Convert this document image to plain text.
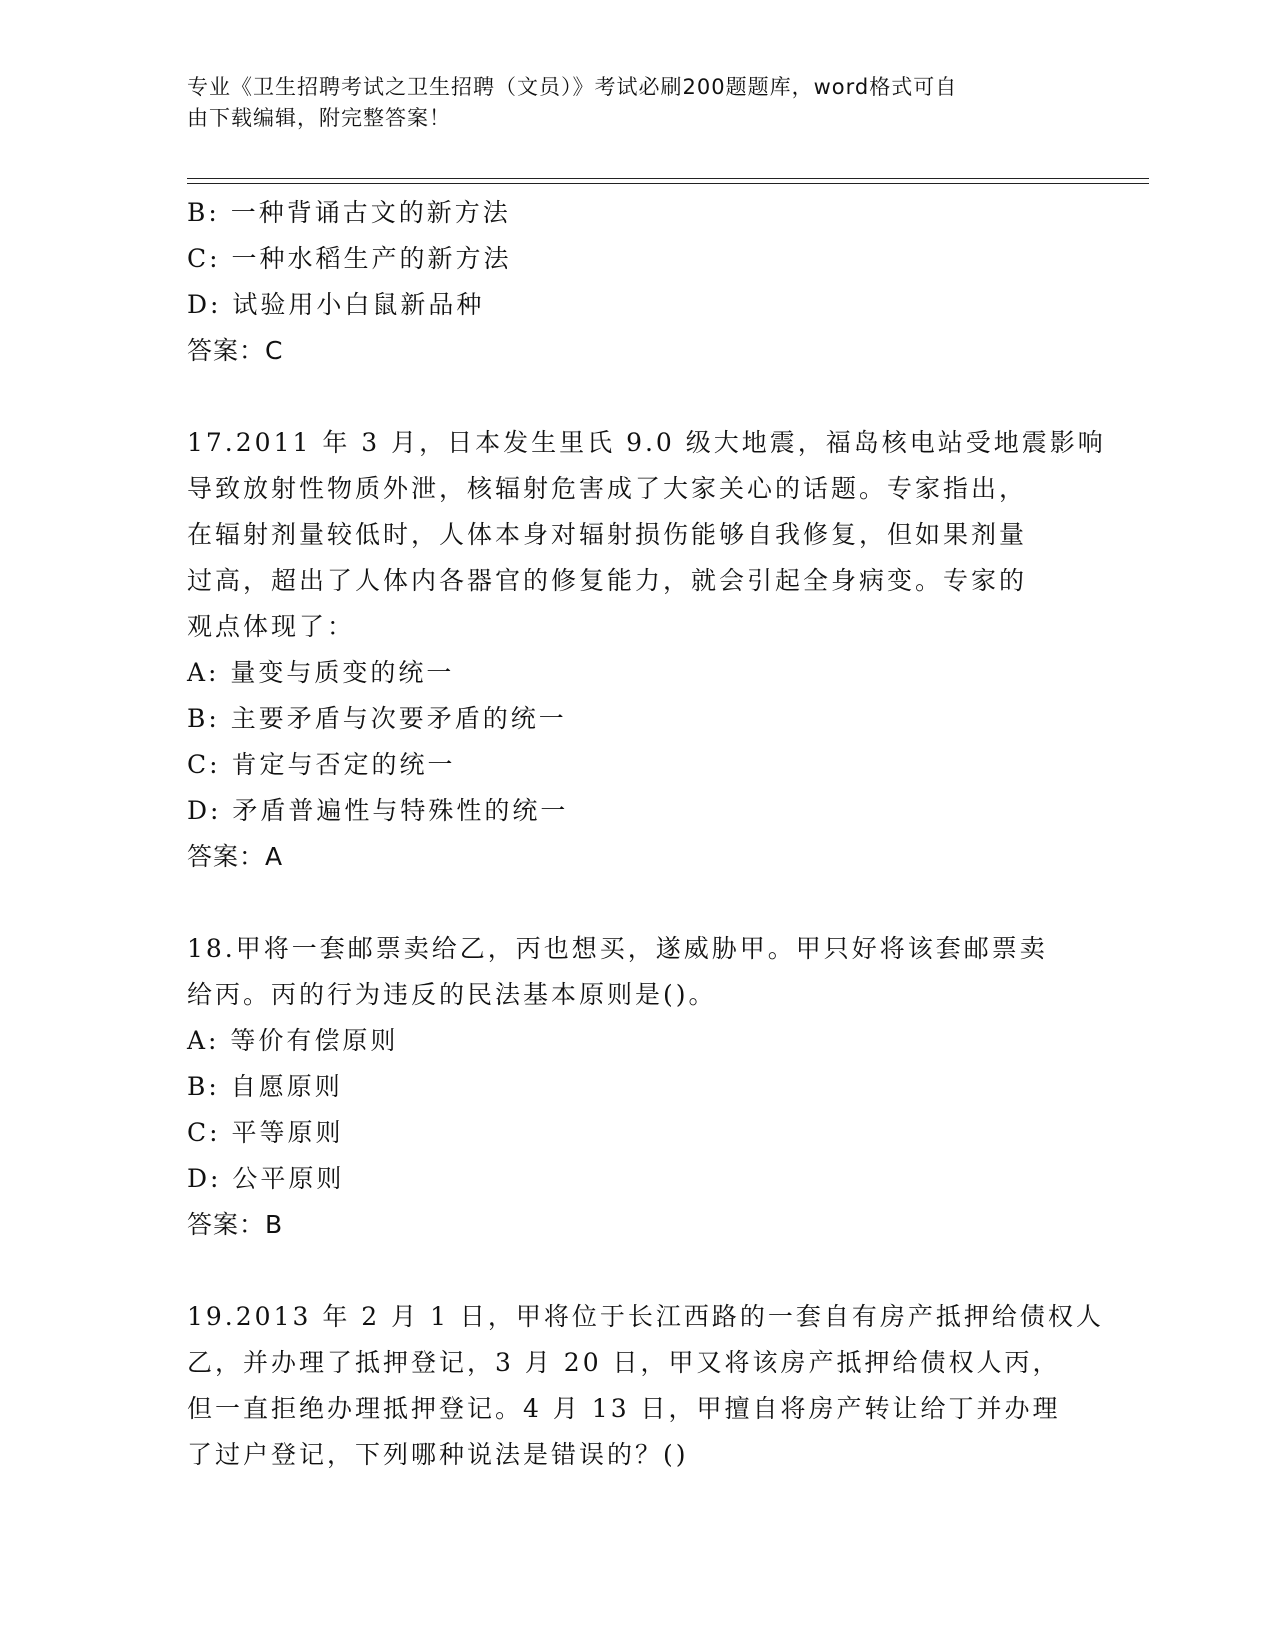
专业《卫生招聘考试之卫生招聘（文员）》考试必刷200题题库，word格式可自
由下载编辑，附完整答案！
B: 一种背诵古文的新方法
C: 一种水稻生产的新方法
D: 试验用小白鼠新品种
答案：C
17.2011 年 3 月，日本发生里氏 9.0 级大地震，福岛核电站受地震影响
导致放射性物质外泄，核辐射危害成了大家关心的话题。专家指出，
在辐射剂量较低时，人体本身对辐射损伤能够自我修复，但如果剂量
过高，超出了人体内各器官的修复能力，就会引起全身病变。专家的
观点体现了：
A: 量变与质变的统一
B: 主要矛盾与次要矛盾的统一
C: 肯定与否定的统一
D: 矛盾普遍性与特殊性的统一
答案：A
18.甲将一套邮票卖给乙，丙也想买，遂威胁甲。甲只好将该套邮票卖
给丙。丙的行为违反的民法基本原则是()。
A: 等价有偿原则
B: 自愿原则
C: 平等原则
D: 公平原则
答案：B
19.2013 年 2 月 1 日，甲将位于长江西路的一套自有房产抵押给债权人
乙，并办理了抵押登记，3 月 20 日，甲又将该房产抵押给债权人丙，
但一直拒绝办理抵押登记。4 月 13 日，甲擅自将房产转让给丁并办理
了过户登记，下列哪种说法是错误的？()
